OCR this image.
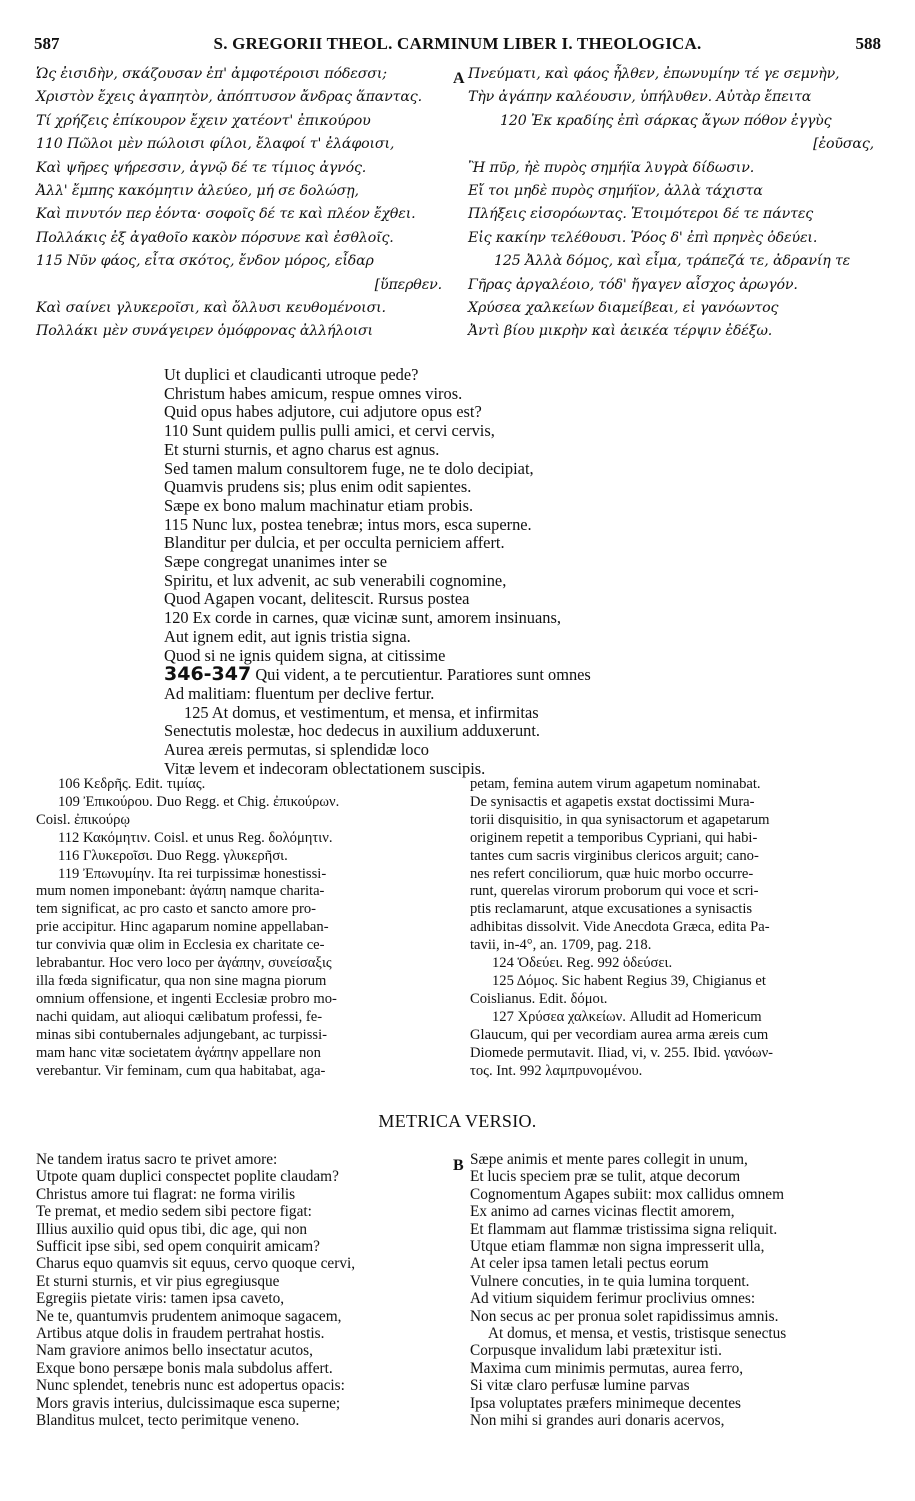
587	S. GREGORII THEOL. CARMINUM LIBER I. THEOLOGICA.	588
Ὡς ἐισιδὴν, σκάζουσαν ἐπ' ἀμφοτέροισι πόδεσσι;
Χριστὸν ἔχεις ἀγαπητὸν, ἀπόπτυσον ἄνδρας ἅπαντας.
Τί χρήζεις ἐπίκουρον ἔχειν χατέοντ' ἐπικούρου
110 Πῶλοι μὲν πώλοισι φίλοι, ἔλαφοί τ' ἐλάφοισι,
Καὶ ψῆρες ψήρεσσιν, ἀγνῷ δέ τε τίμιος ἀγνός.
Ἀλλ' ἔμπης κακόμητιν ἀλεύεο, μή σε δολώσῃ,
Καὶ πινυτόν περ ἐόντα· σοφοῖς δέ τε καὶ πλέον ἔχθει.
Πολλάκις ἐξ ἀγαθοῖο κακὸν πόρσυνε καὶ ἐσθλοῖς.
115 Νῦν φάος, εἶτα σκότος, ἔνδον μόρος, εἶδαρ
[ὕπερθεν.
Καὶ σαίνει γλυκεροῖσι, καὶ ὄλλυσι κευθομένοισι.
Πολλάκι μὲν συνάγειρεν ὁμόφρονας ἀλλήλοισι
A Πνεύματι, καὶ φάος ἦλθεν, ἐπωνυμίην τέ γε σεμνὴν,
Τὴν ἀγάπην καλέουσιν, ὑπήλυθεν. Αὐτὰρ ἔπειτα
120 Ἐκ κραδίης ἐπὶ σάρκας ἄγων πόθον ἐγγὺς
[ἐοῦσας,
Ἢ πῦρ, ἠὲ πυρὸς σημήϊα λυγρὰ δίδωσιν.
Εἴ τοι μηδὲ πυρὸς σημήϊον, ἀλλὰ τάχιστα
Πλήξεις εἰσορόωντας. Ἑτοιμότεροι δέ τε πάντες
Εἰς κακίην τελέθουσι. Ῥόος δ' ἐπὶ πρηνὲς ὁδεύει.
125 Ἀλλὰ δόμος, καὶ εἶμα, τράπεζά τε, ἀδρανίη τε
Γῆρας ἀργαλέοιο, τόδ' ἤγαγεν αἶσχος ἀρωγόν.
Χρύσεα χαλκείων διαμείβεαι, εἰ γανόωντος
Ἀντὶ βίου μικρὴν καὶ ἀεικέα τέρψιν ἐδέξω.
Ut duplici et claudicanti utroque pede?
Christum habes amicum, respue omnes viros.
Quid opus habes adjutore, cui adjutore opus est?
110 Sunt quidem pullis pulli amici, et cervi cervis,
Et sturni sturnis, et agno charus est agnus.
Sed tamen malum consultorem fuge, ne te dolo decipiat,
Quamvis prudens sis; plus enim odit sapientes.
Sæpe ex bono malum machinatur etiam probis.
115 Nunc lux, postea tenebræ; intus mors, esca superne.
Blanditur per dulcia, et per occulta perniciem affert.
Sæpe congregat unanimes inter se
Spiritu, et lux advenit, ac sub venerabili cognomine,
Quod Agapen vocant, delitescit. Rursus postea
120 Ex corde in carnes, quæ vicinæ sunt, amorem insinuans,
Aut ignem edit, aut ignis tristia signa.
Quod si ne ignis quidem signa, at citissime
346-347 Qui vident, a te percutientur. Paratiores sunt omnes
Ad malitiam: fluentum per declive fertur.
125 At domus, et vestimentum, et mensa, et infirmitas
Senectutis molestæ, hoc dedecus in auxilium adduxerunt.
Aurea æreis permutas, si splendidæ loco
Vitæ levem et indecoram oblectationem suscipis.
106 Κεδρῆς. Edit. τιμίας.
109 Ἐπικούρου. Duo Regg. et Chig. ἐπικούρων.
Coisl. ἐπικούρῳ
112 Κακόμητιν. Coisl. et unus Reg. δολόμητιν.
116 Γλυκεροῖσι. Duo Regg. γλυκερῆσι.
119 Ἐπωνυμίην. Ita rei turpissimæ honestissi-
mum nomen imponebant: ἀγάπη namque charita-
tem significat, ac pro casto et sancto amore pro-
prie accipitur. Hinc agaparum nomine appellaban-
tur convivia quæ olim in Ecclesia ex charitate ce-
lebrabantur. Hoc vero loco per ἀγάπην, συνείσαξις
illa fœda significatur, qua non sine magna piorum
omnium offensione, et ingenti Ecclesiæ probro mo-
nachi quidam, aut alioqui cælibatum professi, fe-
minas sibi contubernales adjungebant, ac turpissi-
mam hanc vitæ societatem ἀγάπην appellare non
verebantur. Vir feminam, cum qua habitabat, aga-
petam, femina autem virum agapetum nominabat.
De synisactis et agapetis exstat doctissimi Mura-
torii disquisitio, in qua synisactorum et agapetarum
originem repetit a temporibus Cypriani, qui habi-
tantes cum sacris virginibus clericos arguit; cano-
nes refert conciliorum, quæ huic morbo occurre-
runt, querelas virorum proborum qui voce et scri-
ptis reclamarunt, atque excusationes a synisactis
adhibitas dissolvit. Vide Anecdota Græca, edita Pa-
tavii, in-4°, an. 1709, pag. 218.
124 Ὁδεύει. Reg. 992 ὁδεύσει.
125 Δόμος. Sic habent Regius 39, Chigianus et
Coislianus. Edit. δόμοι.
127 Χρύσεα χαλκείων. Alludit ad Homericum
Glaucum, qui per vecordiam aurea arma æreis cum
Diomede permutavit. Iliad, vi, v. 255. Ibid. γανόων-
τος. Int. 992 λαμπρυνομένου.
METRICA VERSIO.
Ne tandem iratus sacro te privet amore:
Utpote quam duplici conspectet poplite claudam?
Christus amore tui flagrat: ne forma virilis
Te premat, et medio sedem sibi pectore figat:
Illius auxilio quid opus tibi, dic age, qui non
Sufficit ipse sibi, sed opem conquirit amicam?
Charus equo quamvis sit equus, cervo quoque cervi,
Et sturni sturnis, et vir pius egregiusque
Egregiis pietate viris: tamen ipsa caveto,
Ne te, quantumvis prudentem animoque sagacem,
Artibus atque dolis in fraudem pertrahat hostis.
Nam graviore animos bello insectatur acutos,
Exque bono persæpe bonis mala subdolus affert.
Nunc splendet, tenebris nunc est adopertus opacis:
Mors gravis interius, dulcissimaque esca superne;
Blanditus mulcet, tecto perimitque veneno.
B Sæpe animis et mente pares collegit in unum,
Et lucis speciem præ se tulit, atque decorum
Cognomentum Agapes subiit: mox callidus omnem
Ex animo ad carnes vicinas flectit amorem,
Et flammam aut flammæ tristissima signa reliquit.
Utque etiam flammæ non signa impresserit ulla,
At celer ipsa tamen letali pectus eorum
Vulnere concuties, in te quia lumina torquent.
Ad vitium siquidem ferimur proclivius omnes:
Non secus ac per pronua solet rapidissimus amnis.
At domus, et mensa, et vestis, tristisque senectus
Corpusque invalidum labi prætexitur isti.
Maxima cum minimis permutas, aurea ferro,
Si vitæ claro perfusæ lumine parvas
Ipsa voluptates præfers minimeque decentes
Non mihi si grandes auri donaris acervos,
